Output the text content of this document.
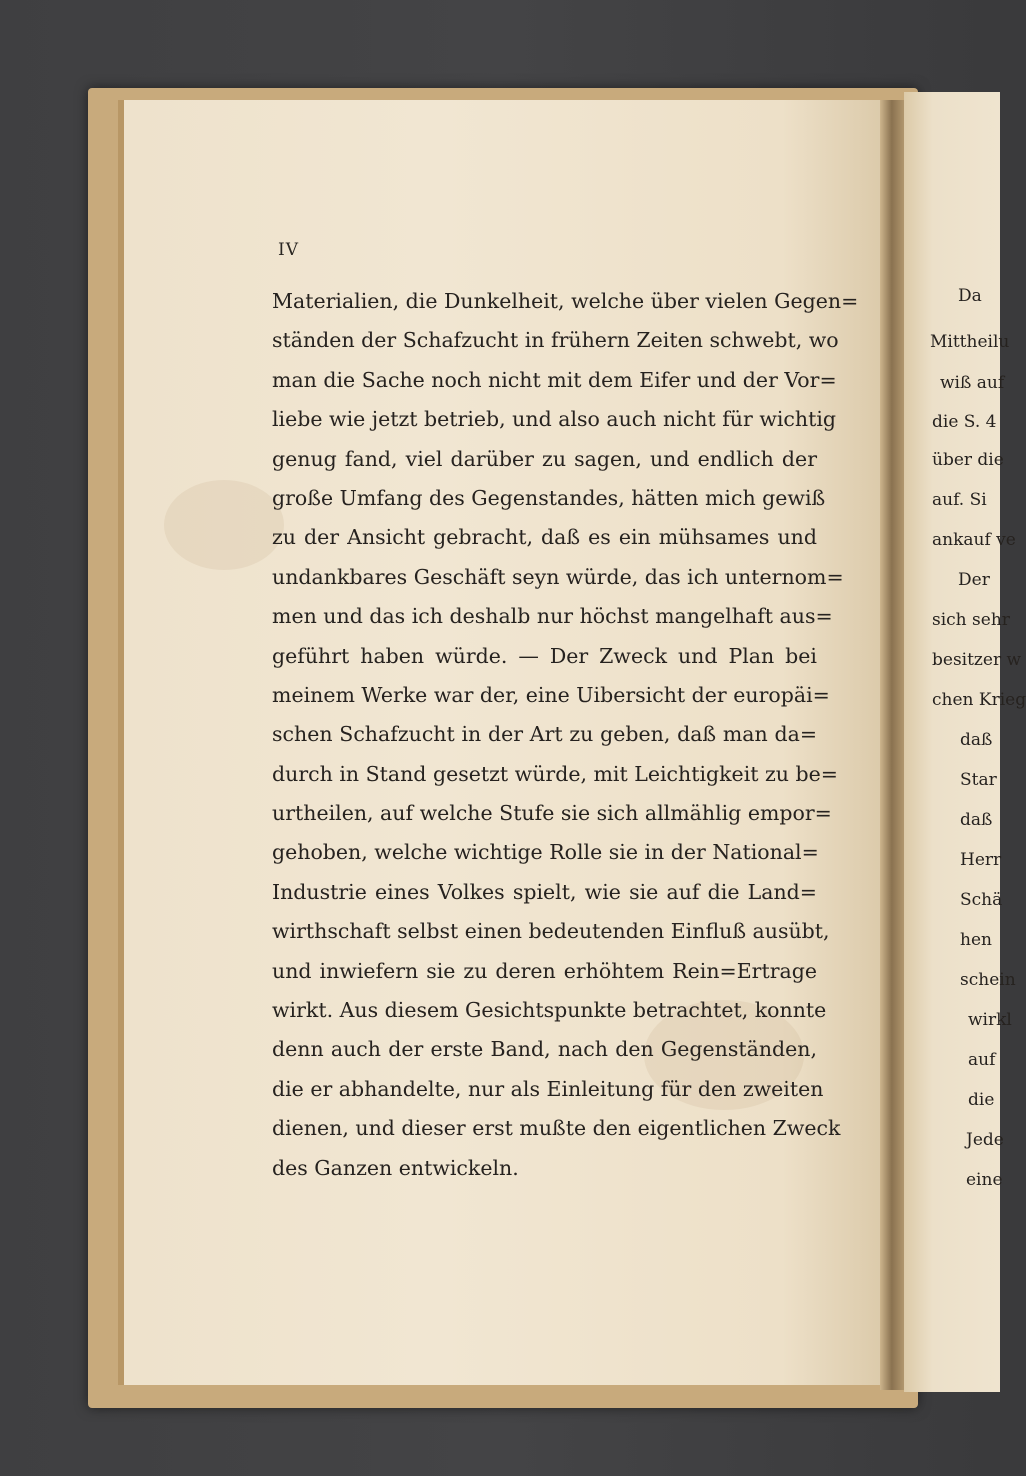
IV
Materialien, die Dunkelheit, welche über vielen Gegen=
ständen der Schafzucht in frühern Zeiten schwebt, wo
man die Sache noch nicht mit dem Eifer und der Vor=
liebe wie jetzt betrieb, und also auch nicht für wichtig
genug fand, viel darüber zu sagen, und endlich der
große Umfang des Gegenstandes, hätten mich gewiß
zu der Ansicht gebracht, daß es ein mühsames und
undankbares Geschäft seyn würde, das ich unternom=
men und das ich deshalb nur höchst mangelhaft aus=
geführt haben würde. — Der Zweck und Plan bei
meinem Werke war der, eine Uibersicht der europäi=
schen Schafzucht in der Art zu geben, daß man da=
durch in Stand gesetzt würde, mit Leichtigkeit zu be=
urtheilen, auf welche Stufe sie sich allmählig empor=
gehoben, welche wichtige Rolle sie in der National=
Industrie eines Volkes spielt, wie sie auf die Land=
wirthschaft selbst einen bedeutenden Einfluß ausübt,
und inwiefern sie zu deren erhöhtem Rein=Ertrage
wirkt. Aus diesem Gesichtspunkte betrachtet, konnte
denn auch der erste Band, nach den Gegenständen,
die er abhandelte, nur als Einleitung für den zweiten
dienen, und dieser erst mußte den eigentlichen Zweck
des Ganzen entwickeln.
Da
Mittheilu
wiß auf
die S. 4
über die
auf. Si
ankauf ve
Der
sich sehr
besitzer w
chen Krieg
daß
Star
daß
Herr
Schä
hen
schein
wirkl
auf
die
Jede
eine
